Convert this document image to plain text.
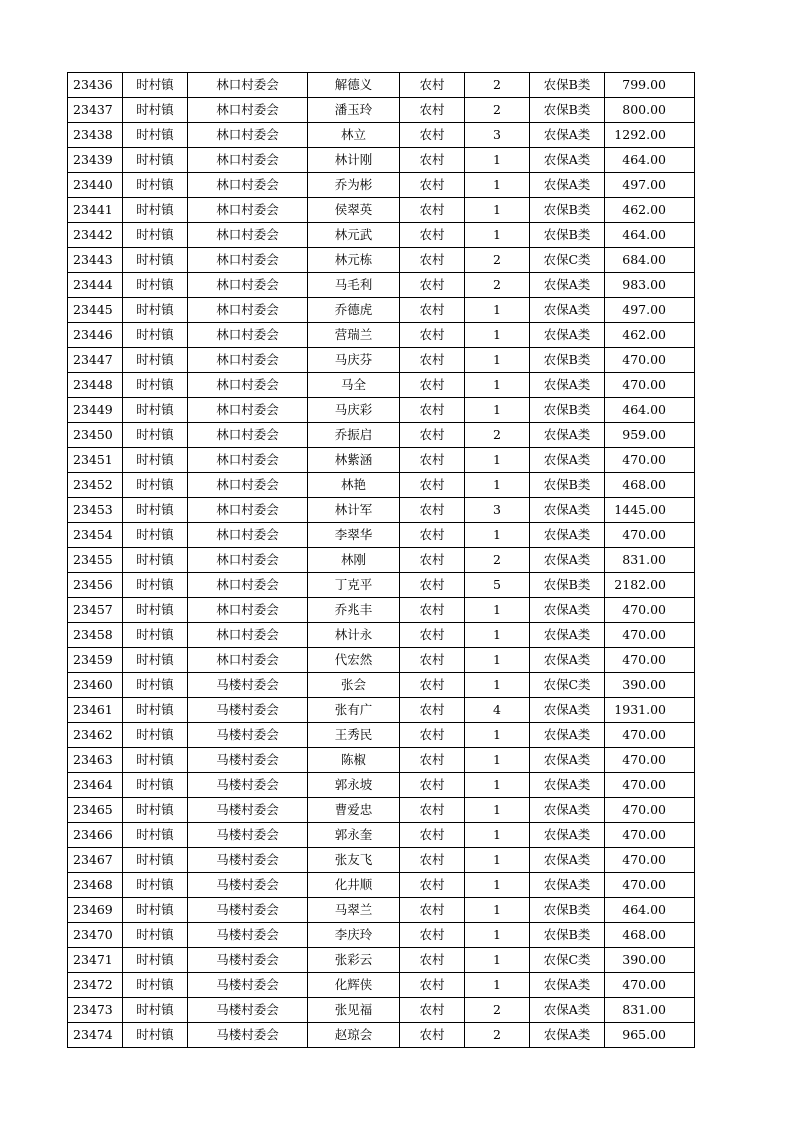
23436	时村镇	林口村委会	解德义	农村	2	农保B类	799.00
23437	时村镇	林口村委会	潘玉玲	农村	2	农保B类	800.00
23438	时村镇	林口村委会	林立	农村	3	农保A类	1292.00
23439	时村镇	林口村委会	林计刚	农村	1	农保A类	464.00
23440	时村镇	林口村委会	乔为彬	农村	1	农保A类	497.00
23441	时村镇	林口村委会	侯翠英	农村	1	农保B类	462.00
23442	时村镇	林口村委会	林元武	农村	1	农保B类	464.00
23443	时村镇	林口村委会	林元栋	农村	2	农保C类	684.00
23444	时村镇	林口村委会	马毛利	农村	2	农保A类	983.00
23445	时村镇	林口村委会	乔德虎	农村	1	农保A类	497.00
23446	时村镇	林口村委会	营瑞兰	农村	1	农保A类	462.00
23447	时村镇	林口村委会	马庆芬	农村	1	农保B类	470.00
23448	时村镇	林口村委会	马全	农村	1	农保A类	470.00
23449	时村镇	林口村委会	马庆彩	农村	1	农保B类	464.00
23450	时村镇	林口村委会	乔振启	农村	2	农保A类	959.00
23451	时村镇	林口村委会	林紫涵	农村	1	农保A类	470.00
23452	时村镇	林口村委会	林艳	农村	1	农保B类	468.00
23453	时村镇	林口村委会	林计军	农村	3	农保A类	1445.00
23454	时村镇	林口村委会	李翠华	农村	1	农保A类	470.00
23455	时村镇	林口村委会	林刚	农村	2	农保A类	831.00
23456	时村镇	林口村委会	丁克平	农村	5	农保B类	2182.00
23457	时村镇	林口村委会	乔兆丰	农村	1	农保A类	470.00
23458	时村镇	林口村委会	林计永	农村	1	农保A类	470.00
23459	时村镇	林口村委会	代宏然	农村	1	农保A类	470.00
23460	时村镇	马楼村委会	张会	农村	1	农保C类	390.00
23461	时村镇	马楼村委会	张有广	农村	4	农保A类	1931.00
23462	时村镇	马楼村委会	王秀民	农村	1	农保A类	470.00
23463	时村镇	马楼村委会	陈椒	农村	1	农保A类	470.00
23464	时村镇	马楼村委会	郭永坡	农村	1	农保A类	470.00
23465	时村镇	马楼村委会	曹爱忠	农村	1	农保A类	470.00
23466	时村镇	马楼村委会	郭永奎	农村	1	农保A类	470.00
23467	时村镇	马楼村委会	张友飞	农村	1	农保A类	470.00
23468	时村镇	马楼村委会	化井顺	农村	1	农保A类	470.00
23469	时村镇	马楼村委会	马翠兰	农村	1	农保B类	464.00
23470	时村镇	马楼村委会	李庆玲	农村	1	农保B类	468.00
23471	时村镇	马楼村委会	张彩云	农村	1	农保C类	390.00
23472	时村镇	马楼村委会	化辉侠	农村	1	农保A类	470.00
23473	时村镇	马楼村委会	张见福	农村	2	农保A类	831.00
23474	时村镇	马楼村委会	赵琼会	农村	2	农保A类	965.00
